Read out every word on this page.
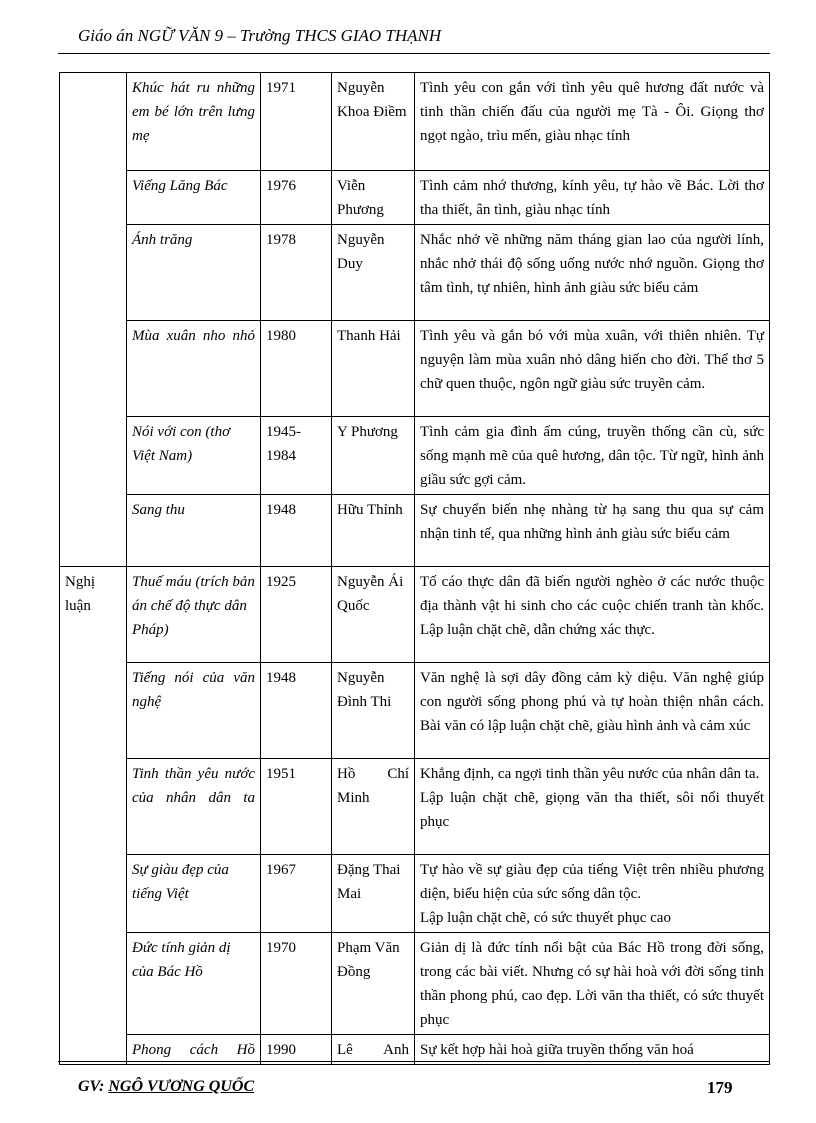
Giáo án NGỮ VĂN 9 – Trường THCS GIAO THẠNH
	Khúc hát ru những em bé lớn trên lưng mẹ	1971	Nguyễn Khoa Điềm	Tình yêu con gắn với tình yêu quê hương đất nước và tinh thần chiến đấu của người mẹ Tà - Ôi. Giọng thơ ngọt ngào, trìu mến, giàu nhạc tính

	Viếng Lăng Bác	1976	Viễn Phương	Tình cảm nhớ thương, kính yêu, tự hào về Bác. Lời thơ tha thiết, ân tình, giàu nhạc tính

	Ánh trăng	1978	Nguyễn Duy	Nhắc nhở về những năm tháng gian lao của người lính, nhắc nhở thái độ sống uống nước nhớ nguồn. Giọng thơ tâm tình, tự nhiên, hình ảnh giàu sức biểu cảm

	Mùa xuân nho nhỏ	1980	Thanh Hải	Tình yêu và gắn bó với mùa xuân, với thiên nhiên. Tự nguyện làm mùa xuân nhỏ dâng hiến cho đời. Thể thơ 5 chữ quen thuộc, ngôn ngữ giàu sức truyền cảm.

	Nói với con (thơ Việt Nam)	1945-1984	Y Phương	Tình cảm gia đình ấm cúng, truyền thống cần cù, sức sống mạnh mẽ của quê hương, dân tộc. Từ ngữ, hình ảnh giầu sức gợi cảm.

	Sang thu	1948	Hữu Thỉnh	Sự chuyển biến nhẹ nhàng từ hạ sang thu qua sự cảm nhận tinh tế, qua những hình ảnh giàu sức biểu cảm

Nghị luận	Thuế máu (trích bản án chế độ thực dân Pháp)	1925	Nguyễn Ái Quốc	Tố cáo thực dân đã biến người nghèo ở các nước thuộc địa thành vật hi sinh cho các cuộc chiến tranh tàn khốc. Lập luận chặt chẽ, dẫn chứng xác thực.

	Tiếng nói của văn nghệ	1948	Nguyễn Đình Thi	Văn nghệ là sợi dây đồng cảm kỳ diệu. Văn nghệ giúp con người sống phong phú và tự hoàn thiện nhân cách. Bài văn có lập luận chặt chẽ, giàu hình ảnh và cảm xúc

	Tinh thần yêu nước của nhân dân ta	1951	Hồ Chí Minh	Khẳng định, ca ngợi tinh thần yêu nước của nhân dân ta.
Lập luận chặt chẽ, giọng văn tha thiết, sôi nổi thuyết phục

	Sự giàu đẹp của tiếng Việt	1967	Đặng Thai Mai	Tự hào về sự giàu đẹp của tiếng Việt trên nhiều phương diện, biểu hiện của sức sống dân tộc.
Lập luận chặt chẽ, có sức thuyết phục cao

	Đức tính giản dị của Bác Hồ	1970	Phạm Văn Đồng	Giản dị là đức tính nổi bật của Bác Hồ trong đời sống, trong các bài viết. Nhưng có sự hài hoà với đời sống tinh thần phong phú, cao đẹp. Lời văn tha thiết, có sức thuyết phục

	Phong cách Hồ	1990	Lê Anh	Sự kết hợp hài hoà giữa truyền thống văn hoá
GV: NGÔ VƯƠNG QUỐC	179
